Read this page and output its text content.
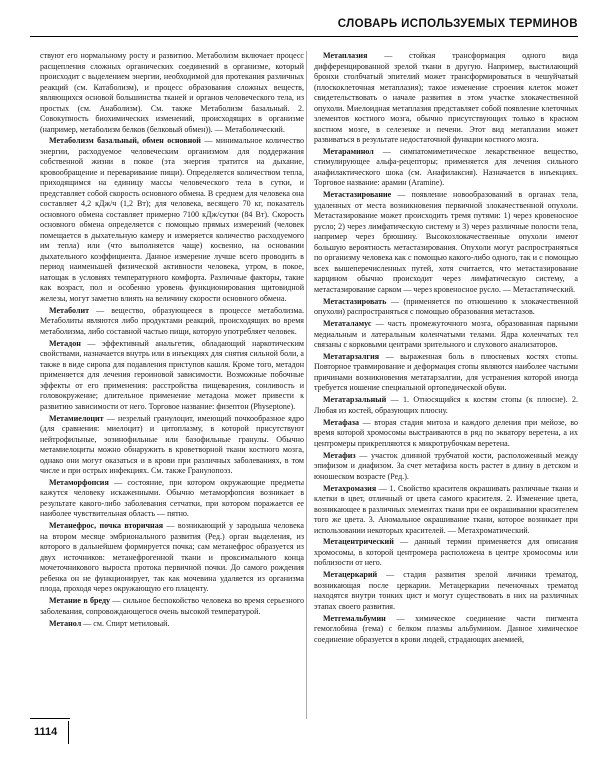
СЛОВАРЬ ИСПОЛЬЗУЕМЫХ ТЕРМИНОВ

ствуют его нормальному росту и развитию. Метаболизм включает процесс расщепления сложных органических соединений в организме, который происходит с выделением энергии, необходимой для протекания различных реакций (см. Катаболизм), и процесс образования сложных веществ, являющихся основой большинства тканей и органов человеческого тела, из простых (см. Анаболизм). См. также Метаболизм базальный. 2. Совокупность биохимических изменений, происходящих в организме (например, метаболизм белков (белковый обмен)). — Метаболический.

Метаболизм базальный, обмен основной — минимальное количество энергии, расходуемое человеческим организмом для поддержания собственной жизни в покое (эта энергия тратится на дыхание, кровообращение и переваривание пищи). Определяется количеством тепла, приходящимся на единицу массы человеческого тела в сутки, и представляет собой скорость основного обмена. В среднем для человека она составляет 4,2 кДж/ч (1,2 Вт); для человека, весящего 70 кг, показатель основного обмена составляет примерно 7100 кДж/сутки (84 Вт). Скорость основного обмена определяется с помощью прямых измерений (человек помещается в дыхательную камеру и измеряется количество расходуемого им тепла) или (что выполняется чаще) косвенно, на основании дыхательного коэффициента. Данное измерение лучше всего проводить в период наименьшей физической активности человека, утром, в покое, натощак в условиях температурного комфорта. Различные факторы, такие как возраст, пол и особенно уровень функционирования щитовидной железы, могут заметно влиять на величину скорости основного обмена.

Метаболит — вещество, образующееся в процессе метаболизма. Метаболиты являются либо продуктами реакций, происходящих во время метаболизма, либо составной частью пищи, которую употребляет человек.

Метадон — эффективный анальгетик, обладающий наркотическим свойствами, назначается внутрь или в инъекциях для снятия сильной боли, а также в виде сиропа для подавления приступов кашля. Кроме того, метадон применяется для лечения героиновой зависимости. Возможные побочные эффекты от его применения: расстройства пищеварения, сонливость и головокружение; длительное применение метадона может привести к развитию зависимости от него. Торговое название: физептон (Physeptone).

Метамиелоцит — незрелый гранулоцит, имеющий почкообразное ядро (для сравнения: миелоцит) и цитоплазму, в которой присутствуют нейтрофильные, эозинофильные или базофильные гранулы. Обычно метамиелоциты можно обнаружить в кроветворной ткани костного мозга, однако они могут оказаться и в крови при различных заболеваниях, в том числе и при острых инфекциях. См. также Гранулопоэз.

Метаморфопсия — состояние, при котором окружающие предметы кажутся человеку искаженными. Обычно метаморфопсия возникает в результате какого-либо заболевания сетчатки, при котором поражается ее наиболее чувствительная область — пятно.

Метанефрос, почка вторичная — возникающий у зародыша человека на втором месяце эмбрионального развития (Ред.) орган выделения, из которого в дальнейшем формируется почка; сам метанефрос образуется из двух источников: метанефрогенной ткани и проксимального конца мочеточникового выроста протока первичной почки. До самого рождения ребенка он не функционирует, так как мочевина удаляется из организма плода, проходя через окружающую его плаценту.

Метание в бреду — сильное беспокойство человека во время серьезного заболевания, сопровождающегося очень высокой температурой.

Метанол — см. Спирт метиловый.

Метаплазия — стойкая трансформация одного вида дифференцированной зрелой ткани в другую. Например, выстилающий бронхи столбчатый эпителий может трансформироваться в чешуйчатый (плоскоклеточная метаплазия); такое изменение строения клеток может свидетельствовать о начале развития в этом участке злокачественной опухоли. Миелоидная метаплазия представляет собой появление клеточных элементов костного мозга, обычно присутствующих только в красном костном мозге, в селезенке и печени. Этот вид метаплазии может развиваться в результате недостаточной функции костного мозга.

Метараминол — симпатомиметическое лекарственное вещество, стимулирующее альфа-рецепторы; применяется для лечения сильного анафилактического шока (см. Анафилаксия). Назначается в инъекциях. Торговое название: арамин (Aramine).

Метастазирование — появление новообразований в органах тела, удаленных от места возникновения первичной злокачественной опухоли. Метастазирование может происходить тремя путями: 1) через кровеносное русло; 2) через лимфатическую систему и 3) через различные полости тела, например через брюшину. Высокозлокачественные опухоли имеют большую вероятность метастазирования. Опухоли могут распространяться по организму человека как с помощью какого-либо одного, так и с помощью всех вышеперечисленных путей, хотя считается, что метастазирование карцином обычно происходит через лимфатическую систему, а метастазирование сарком — через кровеносное русло. — Метастатический.

Метастазировать — (применяется по отношению к злокачественной опухоли) распространяться с помощью образования метастазов.

Метаталамус — часть промежуточного мозга, образованная парными медиальным и латеральным коленчатыми телами. Ядра коленчатых тел связаны с корковыми центрами зрительного и слухового анализаторов.

Метатарзалгия — выраженная боль в плюсневых костях стопы. Повторное травмирование и деформация стопы являются наиболее частыми причинами возникновения метатарзалгии, для устранения которой иногда требуется ношение специальной ортопедической обуви.

Метатарзальный — 1. Относящийся к костям стопы (к плюсне). 2. Любая из костей, образующих плюсну.

Метафаза — вторая стадия митоза и каждого деления при мейозе, во время которой хромосомы выстраиваются в ряд по экватору веретена, а их центромеры прикрепляются к микротрубочкам веретена.

Метафиз — участок длинной трубчатой кости, расположенный между эпифизом и диафизом. За счет метафиза кость растет в длину в детском и юношеском возрасте (Ред.).

Метахромазия — 1. Свойство красителя окрашивать различные ткани и клетки в цвет, отличный от цвета самого красителя. 2. Изменение цвета, возникающее в различных элементах ткани при ее окрашивании красителем того же цвета. 3. Аномальное окрашивание ткани, которое возникает при использовании некоторых красителей. — Метахроматический.

Метацентрический — данный термин применяется для описания хромосомы, в которой центромера расположена в центре хромосомы или поблизости от него.

Метацеркарий — стадия развития зрелой личинки трематод, возникающая после церкарии. Метацеркарии печеночных трематод находятся внутри тонких цист и могут существовать в них на различных этапах своего развития.

Метгемальбумин — химическое соединение части пигмента гемоглобина (гема) с белком плазмы альбумином. Данное химическое соединение образуется в крови людей, страдающих анемией,

1114
